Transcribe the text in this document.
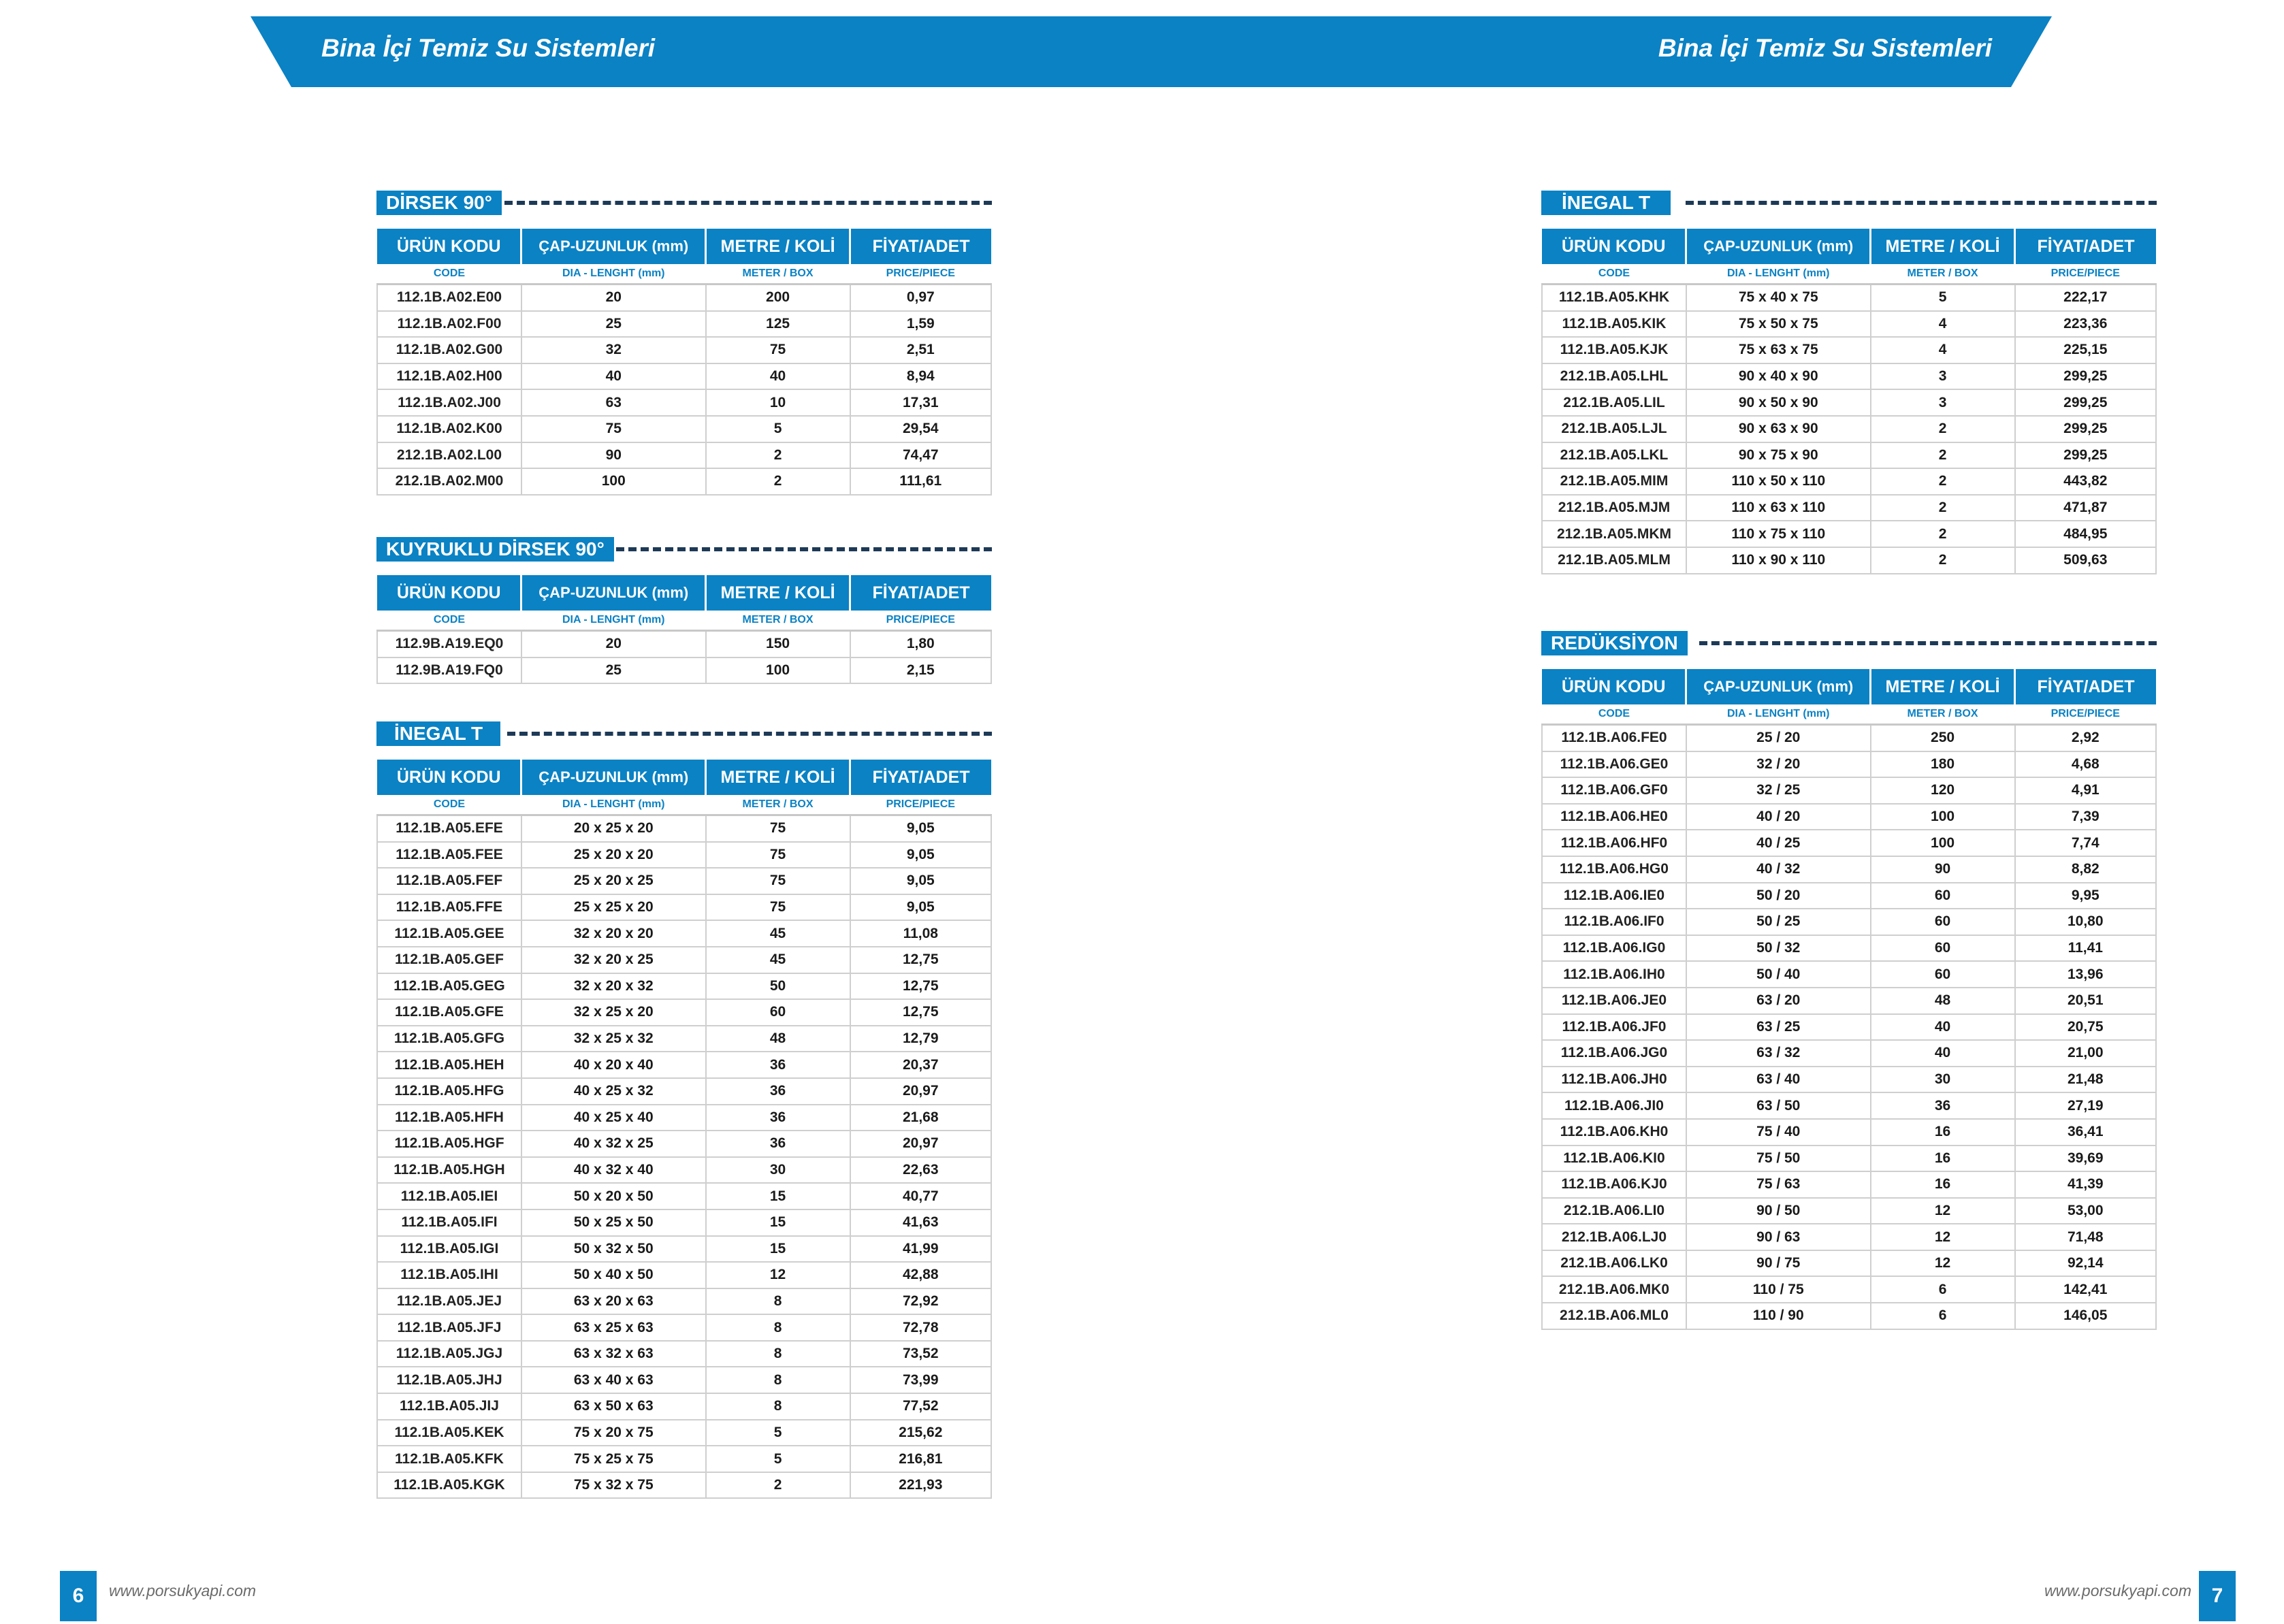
Bina İçi Temiz Su Sistemleri	Bina İçi Temiz Su Sistemleri
DİRSEK 90°
ÜRÜN KODU	ÇAP-UZUNLUK (mm)	METRE / KOLİ	FİYAT/ADET
CODE	DIA - LENGHT (mm)	METER / BOX	PRICE/PIECE
112.1B.A02.E00	20	200	0,97
112.1B.A02.F00	25	125	1,59
112.1B.A02.G00	32	75	2,51
112.1B.A02.H00	40	40	8,94
112.1B.A02.J00	63	10	17,31
112.1B.A02.K00	75	5	29,54
212.1B.A02.L00	90	2	74,47
212.1B.A02.M00	100	2	111,61
KUYRUKLU DİRSEK 90°
ÜRÜN KODU	ÇAP-UZUNLUK (mm)	METRE / KOLİ	FİYAT/ADET
CODE	DIA - LENGHT (mm)	METER / BOX	PRICE/PIECE
112.9B.A19.EQ0	20	150	1,80
112.9B.A19.FQ0	25	100	2,15
İNEGAL T
ÜRÜN KODU	ÇAP-UZUNLUK (mm)	METRE / KOLİ	FİYAT/ADET
CODE	DIA - LENGHT (mm)	METER / BOX	PRICE/PIECE
112.1B.A05.EFE	20 x 25 x 20	75	9,05
112.1B.A05.FEE	25 x 20 x 20	75	9,05
112.1B.A05.FEF	25 x 20 x 25	75	9,05
112.1B.A05.FFE	25 x 25 x 20	75	9,05
112.1B.A05.GEE	32 x 20 x 20	45	11,08
112.1B.A05.GEF	32 x 20 x 25	45	12,75
112.1B.A05.GEG	32 x 20 x 32	50	12,75
112.1B.A05.GFE	32 x 25 x 20	60	12,75
112.1B.A05.GFG	32 x 25 x 32	48	12,79
112.1B.A05.HEH	40 x 20 x 40	36	20,37
112.1B.A05.HFG	40 x 25 x 32	36	20,97
112.1B.A05.HFH	40 x 25 x 40	36	21,68
112.1B.A05.HGF	40 x 32 x 25	36	20,97
112.1B.A05.HGH	40 x 32 x 40	30	22,63
112.1B.A05.IEI	50 x 20 x 50	15	40,77
112.1B.A05.IFI	50 x 25 x 50	15	41,63
112.1B.A05.IGI	50 x 32 x 50	15	41,99
112.1B.A05.IHI	50 x 40 x 50	12	42,88
112.1B.A05.JEJ	63 x 20 x 63	8	72,92
112.1B.A05.JFJ	63 x 25 x 63	8	72,78
112.1B.A05.JGJ	63 x 32 x 63	8	73,52
112.1B.A05.JHJ	63 x 40 x 63	8	73,99
112.1B.A05.JIJ	63 x 50 x 63	8	77,52
112.1B.A05.KEK	75 x 20 x 75	5	215,62
112.1B.A05.KFK	75 x 25 x 75	5	216,81
112.1B.A05.KGK	75 x 32 x 75	2	221,93
İNEGAL T
ÜRÜN KODU	ÇAP-UZUNLUK (mm)	METRE / KOLİ	FİYAT/ADET
CODE	DIA - LENGHT (mm)	METER / BOX	PRICE/PIECE
112.1B.A05.KHK	75 x 40 x 75	5	222,17
112.1B.A05.KIK	75 x 50 x 75	4	223,36
112.1B.A05.KJK	75 x 63 x 75	4	225,15
212.1B.A05.LHL	90 x 40 x 90	3	299,25
212.1B.A05.LIL	90 x 50 x 90	3	299,25
212.1B.A05.LJL	90 x 63 x 90	2	299,25
212.1B.A05.LKL	90 x 75 x 90	2	299,25
212.1B.A05.MIM	110 x 50 x 110	2	443,82
212.1B.A05.MJM	110 x 63 x 110	2	471,87
212.1B.A05.MKM	110 x 75 x 110	2	484,95
212.1B.A05.MLM	110 x 90 x 110	2	509,63
REDÜKSİYON
ÜRÜN KODU	ÇAP-UZUNLUK (mm)	METRE / KOLİ	FİYAT/ADET
CODE	DIA - LENGHT (mm)	METER / BOX	PRICE/PIECE
112.1B.A06.FE0	25 / 20	250	2,92
112.1B.A06.GE0	32 / 20	180	4,68
112.1B.A06.GF0	32 / 25	120	4,91
112.1B.A06.HE0	40 / 20	100	7,39
112.1B.A06.HF0	40 / 25	100	7,74
112.1B.A06.HG0	40 / 32	90	8,82
112.1B.A06.IE0	50 / 20	60	9,95
112.1B.A06.IF0	50 / 25	60	10,80
112.1B.A06.IG0	50 / 32	60	11,41
112.1B.A06.IH0	50 / 40	60	13,96
112.1B.A06.JE0	63 / 20	48	20,51
112.1B.A06.JF0	63 / 25	40	20,75
112.1B.A06.JG0	63 / 32	40	21,00
112.1B.A06.JH0	63 / 40	30	21,48
112.1B.A06.JI0	63 / 50	36	27,19
112.1B.A06.KH0	75 / 40	16	36,41
112.1B.A06.KI0	75 / 50	16	39,69
112.1B.A06.KJ0	75 / 63	16	41,39
212.1B.A06.LI0	90 / 50	12	53,00
212.1B.A06.LJ0	90 / 63	12	71,48
212.1B.A06.LK0	90 / 75	12	92,14
212.1B.A06.MK0	110 / 75	6	142,41
212.1B.A06.ML0	110 / 90	6	146,05
6	www.porsukyapi.com	www.porsukyapi.com 7
